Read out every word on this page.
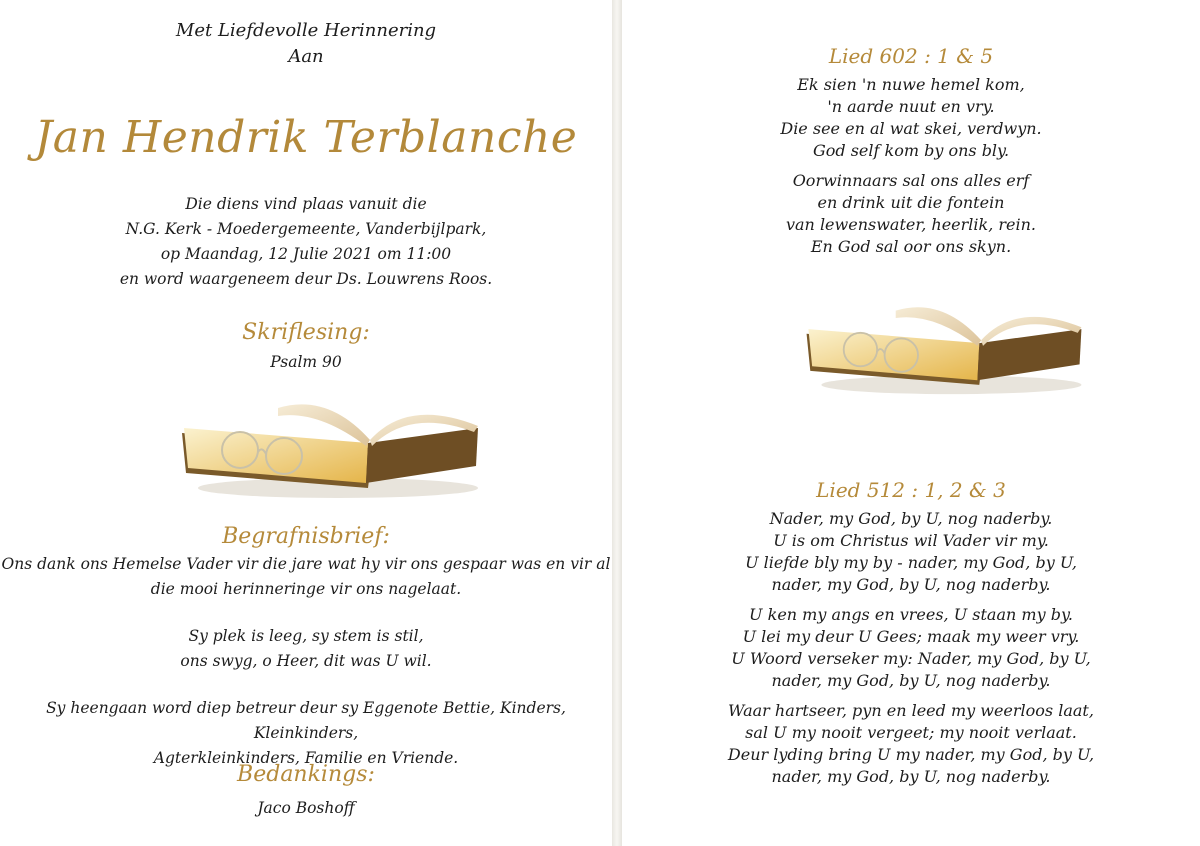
Met Liefdevolle Herinnering
Aan
Jan Hendrik Terblanche
Die diens vind plaas vanuit die
N.G. Kerk - Moedergemeente, Vanderbijlpark,
op Maandag, 12 Julie 2021 om 11:00
en word waargeneem deur Ds. Louwrens Roos.
Skriflesing:
Psalm 90
Begrafnisbrief:
Ons dank ons Hemelse Vader vir die jare wat hy vir ons gespaar was en vir al
die mooi herinneringe vir ons nagelaat.
Sy plek is leeg, sy stem is stil,
ons swyg, o Heer, dit was U wil.
Sy heengaan word diep betreur deur sy Eggenote Bettie, Kinders, Kleinkinders,
Agterkleinkinders, Familie en Vriende.
Bedankings:
Jaco Boshoff
Lied 602 : 1 & 5
Ek sien 'n nuwe hemel kom,
'n aarde nuut en vry.
Die see en al wat skei, verdwyn.
God self kom by ons bly.
Oorwinnaars sal ons alles erf
en drink uit die fontein
van lewenswater, heerlik, rein.
En God sal oor ons skyn.
Lied 512 : 1, 2 & 3
Nader, my God, by U, nog naderby.
U is om Christus wil Vader vir my.
U liefde bly my by - nader, my God, by U,
nader, my God, by U, nog naderby.
U ken my angs en vrees, U staan my by.
U lei my deur U Gees; maak my weer vry.
U Woord verseker my: Nader, my God, by U,
nader, my God, by U, nog naderby.
Waar hartseer, pyn en leed my weerloos laat,
sal U my nooit vergeet; my nooit verlaat.
Deur lyding bring U my nader, my God, by U,
nader, my God, by U, nog naderby.
